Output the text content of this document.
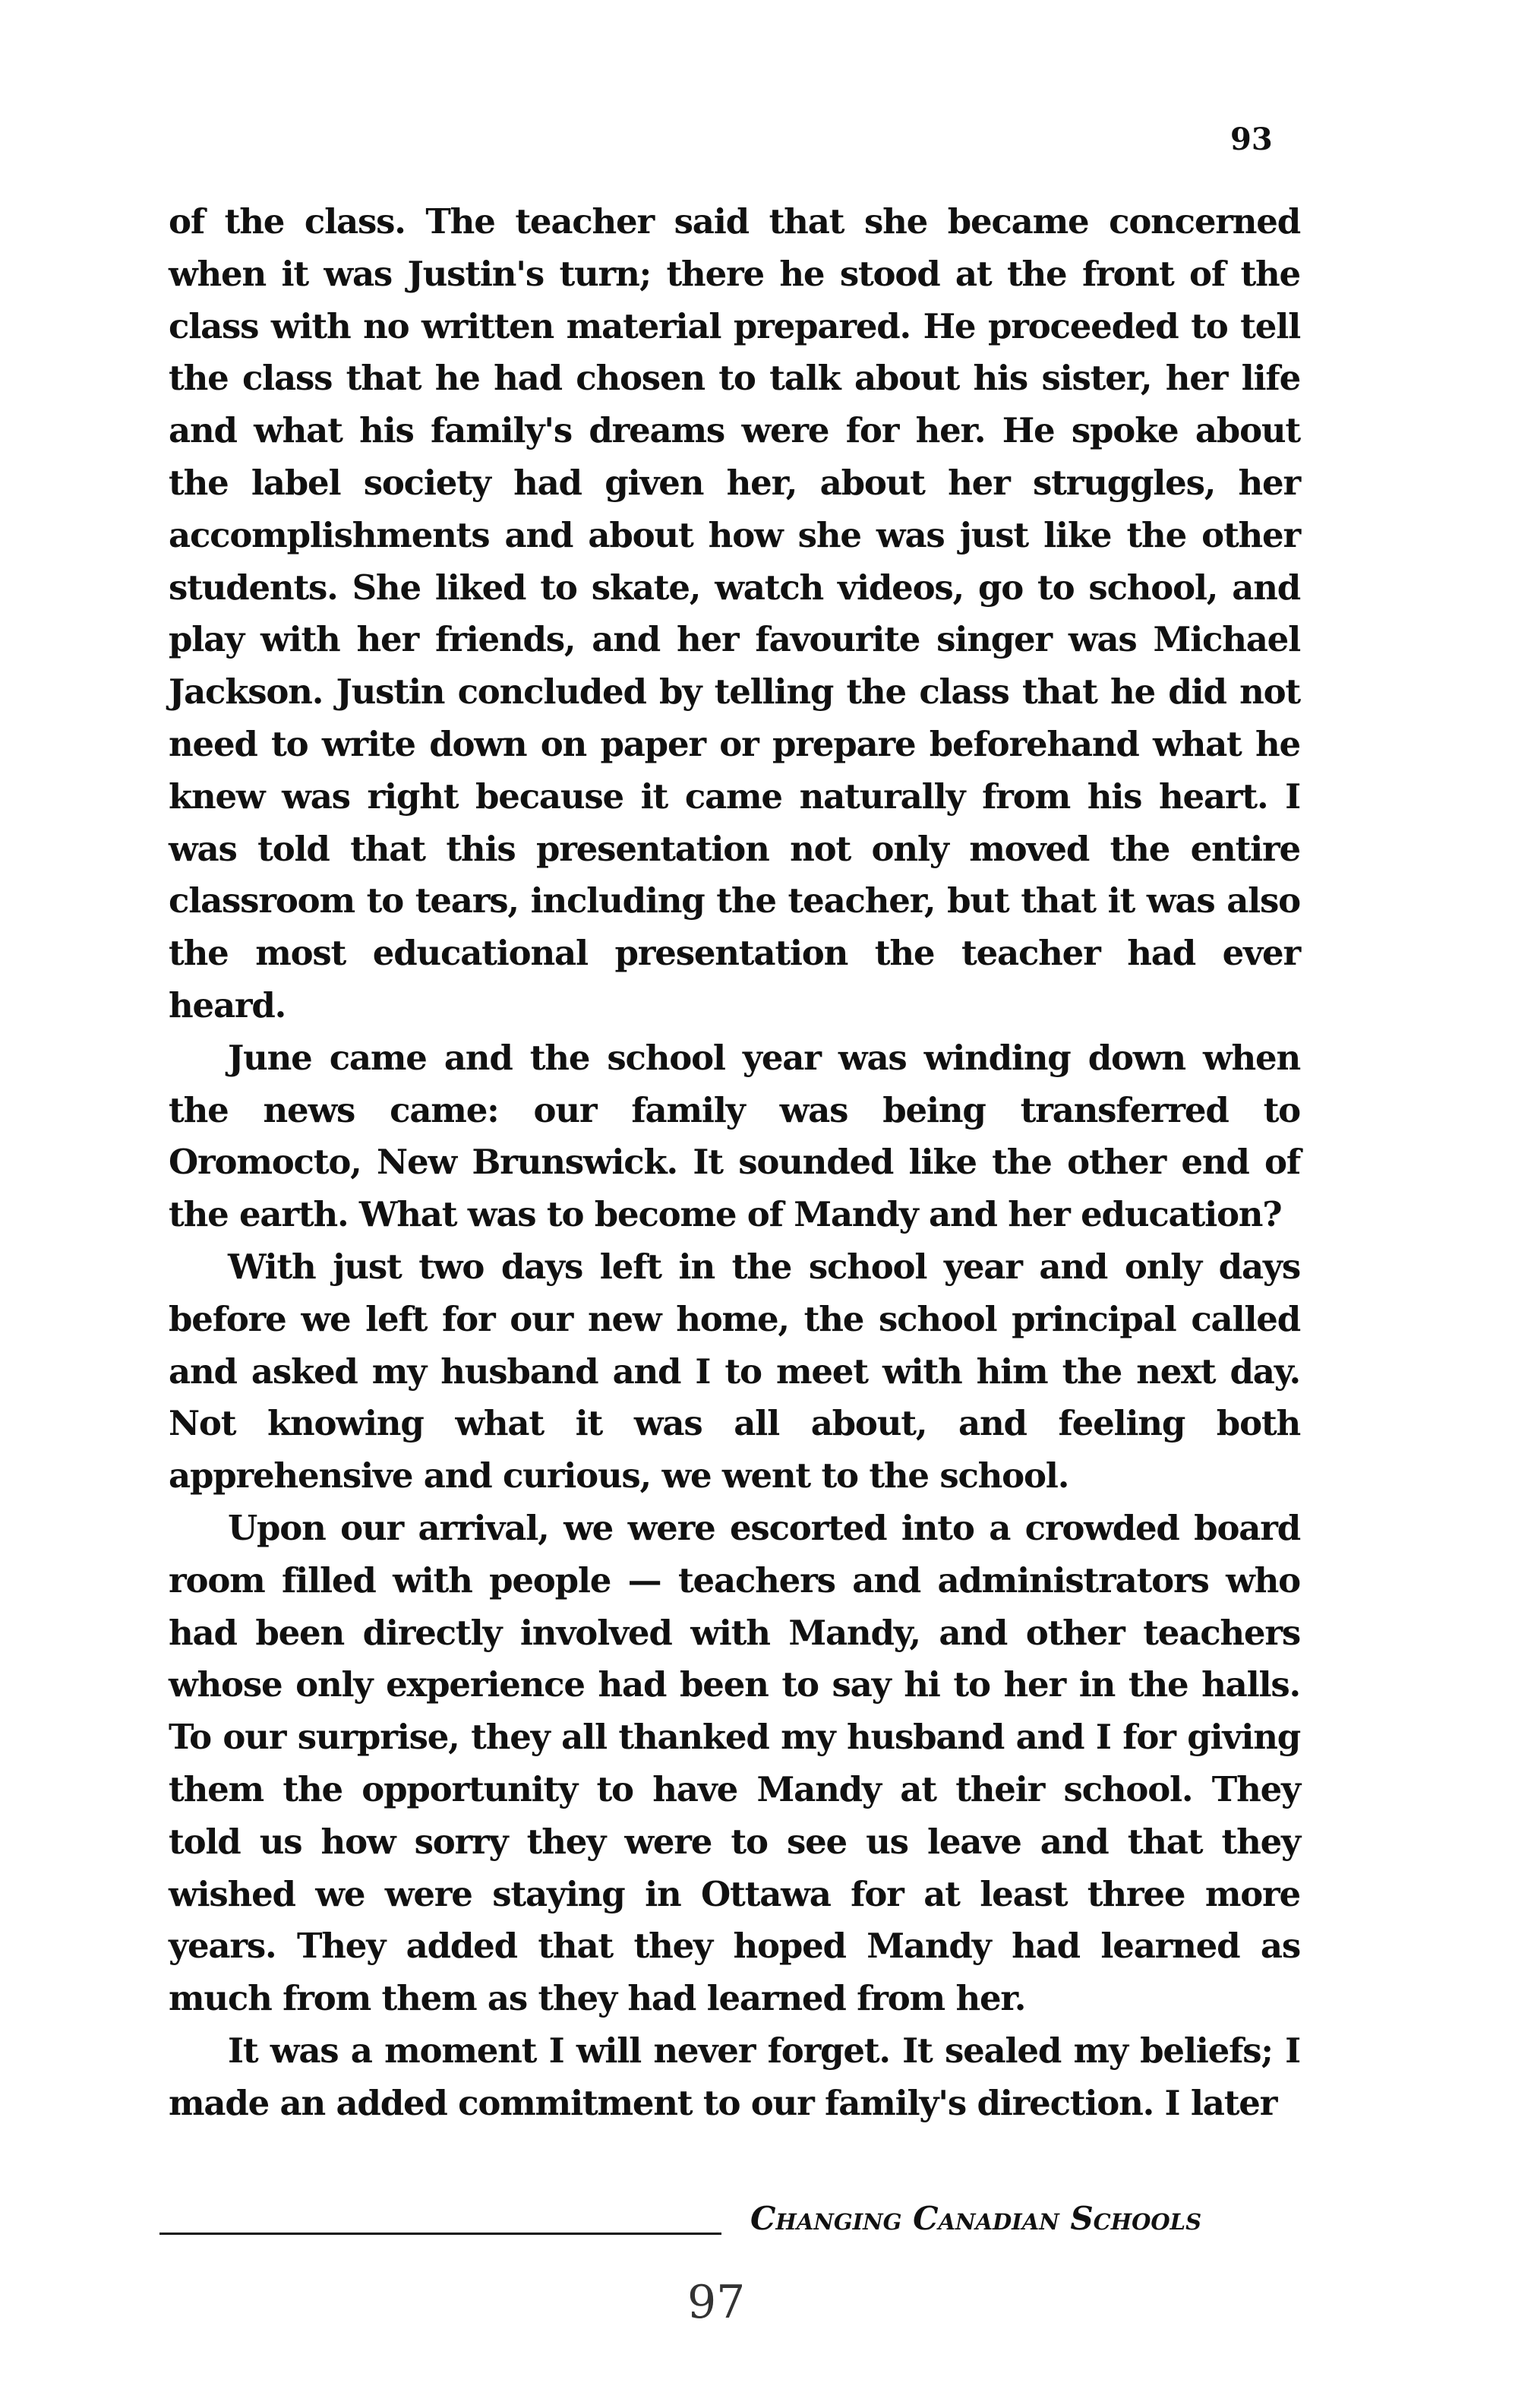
93

of the class. The teacher said that she became concerned when it was Justin's turn; there he stood at the front of the class with no written material prepared. He proceeded to tell the class that he had chosen to talk about his sister, her life and what his family's dreams were for her. He spoke about the label society had given her, about her struggles, her accomplishments and about how she was just like the other students. She liked to skate, watch videos, go to school, and play with her friends, and her favourite singer was Michael Jackson. Justin concluded by telling the class that he did not need to write down on paper or prepare beforehand what he knew was right because it came naturally from his heart. I was told that this presentation not only moved the entire classroom to tears, including the teacher, but that it was also the most educational presentation the teacher had ever heard.

June came and the school year was winding down when the news came: our family was being transferred to Oromocto, New Brunswick. It sounded like the other end of the earth. What was to become of Mandy and her education?

With just two days left in the school year and only days before we left for our new home, the school principal called and asked my husband and I to meet with him the next day. Not knowing what it was all about, and feeling both apprehensive and curious, we went to the school.

Upon our arrival, we were escorted into a crowded board room filled with people — teachers and administrators who had been directly involved with Mandy, and other teachers whose only experience had been to say hi to her in the halls. To our surprise, they all thanked my husband and I for giving them the opportunity to have Mandy at their school. They told us how sorry they were to see us leave and that they wished we were staying in Ottawa for at least three more years. They added that they hoped Mandy had learned as much from them as they had learned from her.

It was a moment I will never forget. It sealed my beliefs; I made an added commitment to our family's direction. I later

Changing Canadian Schools
97
